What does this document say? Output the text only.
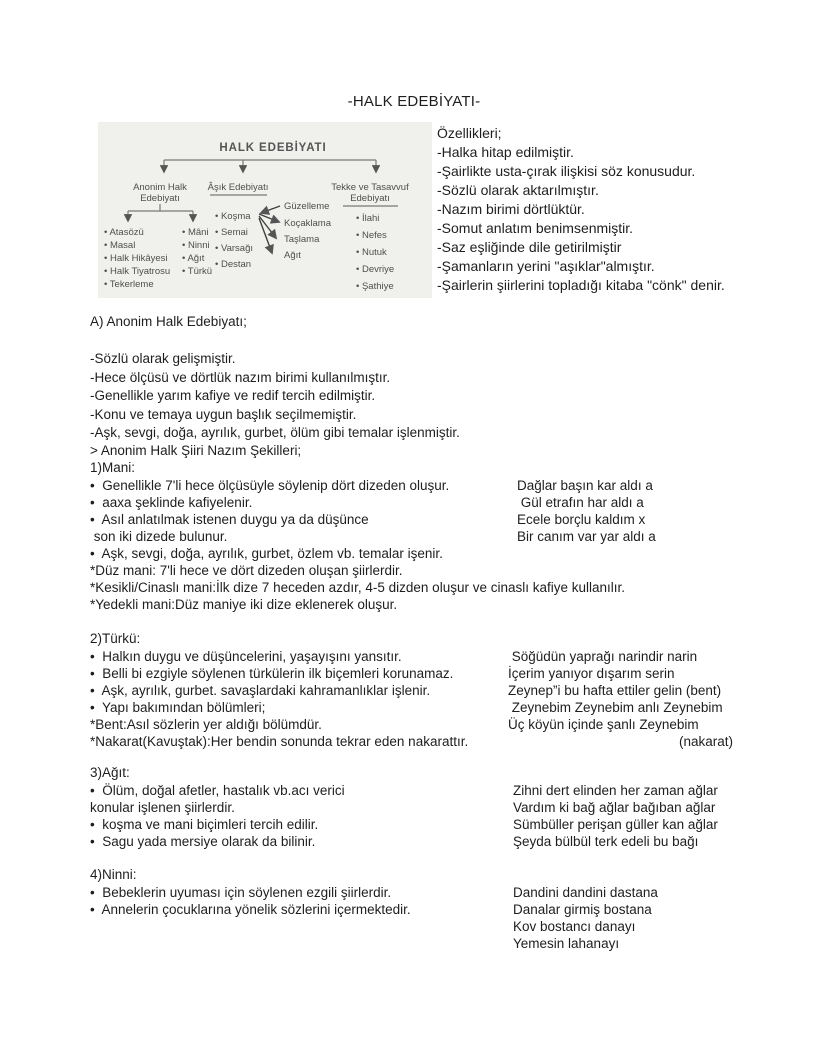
-HALK EDEBİYATI-
HALK EDEBİYATI
Anonim Halk
Edebiyatı
Âşık Edebiyatı	Tekke ve Tasavvuf
Edebiyatı
• Atasözü
• Masal
• Halk Hikâyesi
• Halk Tiyatrosu
• Tekerleme
• Mâni
• Ninni
• Ağıt
• Türkü
• Koşma
• Semai
• Varsağı
• Destan
Güzelleme
Koçaklama
Taşlama
Ağıt
• İlahi
• Nefes
• Nutuk
• Devriye
• Şathiye
Özellikleri;
-Halka hitap edilmiştir.
-Şairlikte usta-çırak ilişkisi söz konusudur.
-Sözlü olarak aktarılmıştır.
-Nazım birimi dörtlüktür.
-Somut anlatım benimsenmiştir.
-Saz eşliğinde dile getirilmiştir
-Şamanların yerini "aşıklar"almıştır.
-Şairlerin şiirlerini topladığı kitaba "cönk" denir.
A) Anonim Halk Edebiyatı;
-Sözlü olarak gelişmiştir.
-Hece ölçüsü ve dörtlük nazım birimi kullanılmıştır.
-Genellikle yarım kafiye ve redif tercih edilmiştir.
-Konu ve temaya uygun başlık seçilmemiştir.
-Aşk, sevgi, doğa, ayrılık, gurbet, ölüm gibi temalar işlenmiştir.
> Anonim Halk Şiiri Nazım Şekilleri;
1)Mani:
•  Genellikle 7'li hece ölçüsüyle söylenip dört dizeden oluşur.
•  aaxa şeklinde kafiyelenir.
•  Asıl anlatılmak istenen duygu ya da düşünce
son iki dizede bulunur.
•  Aşk, sevgi, doğa, ayrılık, gurbet, özlem vb. temalar işenir.
*Düz mani: 7'li hece ve dört dizeden oluşan şiirlerdir.
*Kesikli/Cinaslı mani:İlk dize 7 heceden azdır, 4-5 dizden oluşur ve cinaslı kafiye kullanılır.
*Yedekli mani:Düz maniye iki dize eklenerek oluşur.
Dağlar başın kar aldı a
Gül etrafın har aldı a
Ecele borçlu kaldım x
Bir canım var yar aldı a
2)Türkü:
•  Halkın duygu ve düşüncelerini, yaşayışını yansıtır.
•  Belli bi ezgiyle söylenen türkülerin ilk biçemleri korunamaz.
•  Aşk, ayrılık, gurbet. savaşlardaki kahramanlıklar işlenir.
•  Yapı bakımından bölümleri;
*Bent:Asıl sözlerin yer aldığı bölümdür.
*Nakarat(Kavuştak):Her bendin sonunda tekrar eden nakarattır.
Söğüdün yaprağı narindir narin
İçerim yanıyor dışarım serin
Zeynep”i bu hafta ettiler gelin (bent)
Zeynebim Zeynebim anlı Zeynebim
Üç köyün içinde şanlı Zeynebim
(nakarat)
3)Ağıt:
•  Ölüm, doğal afetler, hastalık vb.acı verici
konular işlenen şiirlerdir.
•  koşma ve mani biçimleri tercih edilir.
•  Sagu yada mersiye olarak da bilinir.
Zihni dert elinden her zaman ağlar
Vardım ki bağ ağlar bağıban ağlar
Sümbüller perişan güller kan ağlar
Şeyda bülbül terk edeli bu bağı
4)Ninni:
•  Bebeklerin uyuması için söylenen ezgili şiirlerdir.
•  Annelerin çocuklarına yönelik sözlerini içermektedir.
Dandini dandini dastana
Danalar girmiş bostana
Kov bostancı danayı
Yemesin lahanayı
